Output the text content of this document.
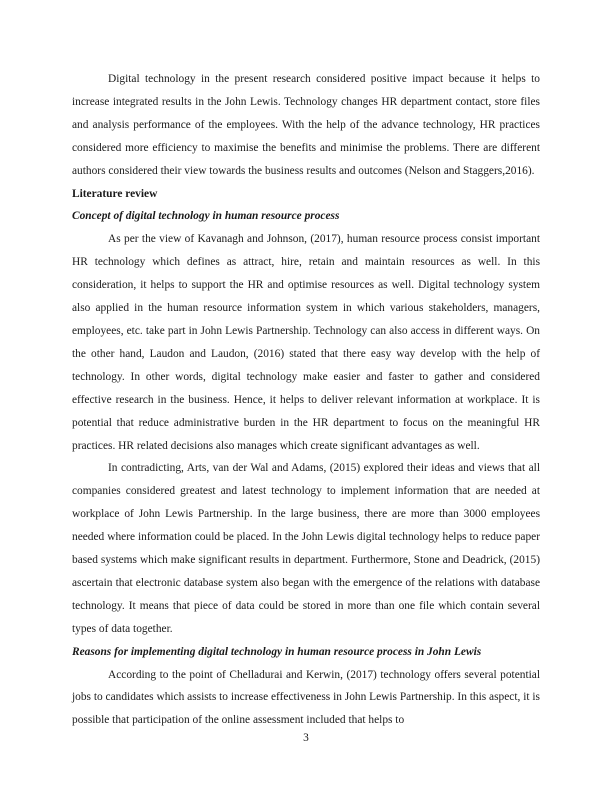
Digital technology in the present research considered positive impact because it helps to increase integrated results in the John Lewis. Technology changes HR department contact, store files and analysis performance of the employees. With the help of the advance technology, HR practices considered more efficiency to maximise the benefits and minimise the problems. There are different authors considered their view towards the business results and outcomes (Nelson and Staggers,2016).

Literature review
Concept of digital technology in human resource process

As per the view of Kavanagh and Johnson, (2017), human resource process consist important HR technology which defines as attract, hire, retain and maintain resources as well. In this consideration, it helps to support the HR and optimise resources as well. Digital technology system also applied in the human resource information system in which various stakeholders, managers, employees, etc. take part in John Lewis Partnership. Technology can also access in different ways. On the other hand, Laudon and Laudon, (2016) stated that there easy way develop with the help of technology. In other words, digital technology make easier and faster to gather and considered effective research in the business. Hence, it helps to deliver relevant information at workplace. It is potential that reduce administrative burden in the HR department to focus on the meaningful HR practices. HR related decisions also manages which create significant advantages as well.

In contradicting, Arts, van der Wal and Adams, (2015) explored their ideas and views that all companies considered greatest and latest technology to implement information that are needed at workplace of John Lewis Partnership. In the large business, there are more than 3000 employees needed where information could be placed. In the John Lewis digital technology helps to reduce paper based systems which make significant results in department. Furthermore, Stone and Deadrick, (2015) ascertain that electronic database system also began with the emergence of the relations with database technology. It means that piece of data could be stored in more than one file which contain several types of data together.

Reasons for implementing digital technology in human resource process in John Lewis

According to the point of Chelladurai and Kerwin, (2017) technology offers several potential jobs to candidates which assists to increase effectiveness in John Lewis Partnership. In this aspect, it is possible that participation of the online assessment included that helps to

3
